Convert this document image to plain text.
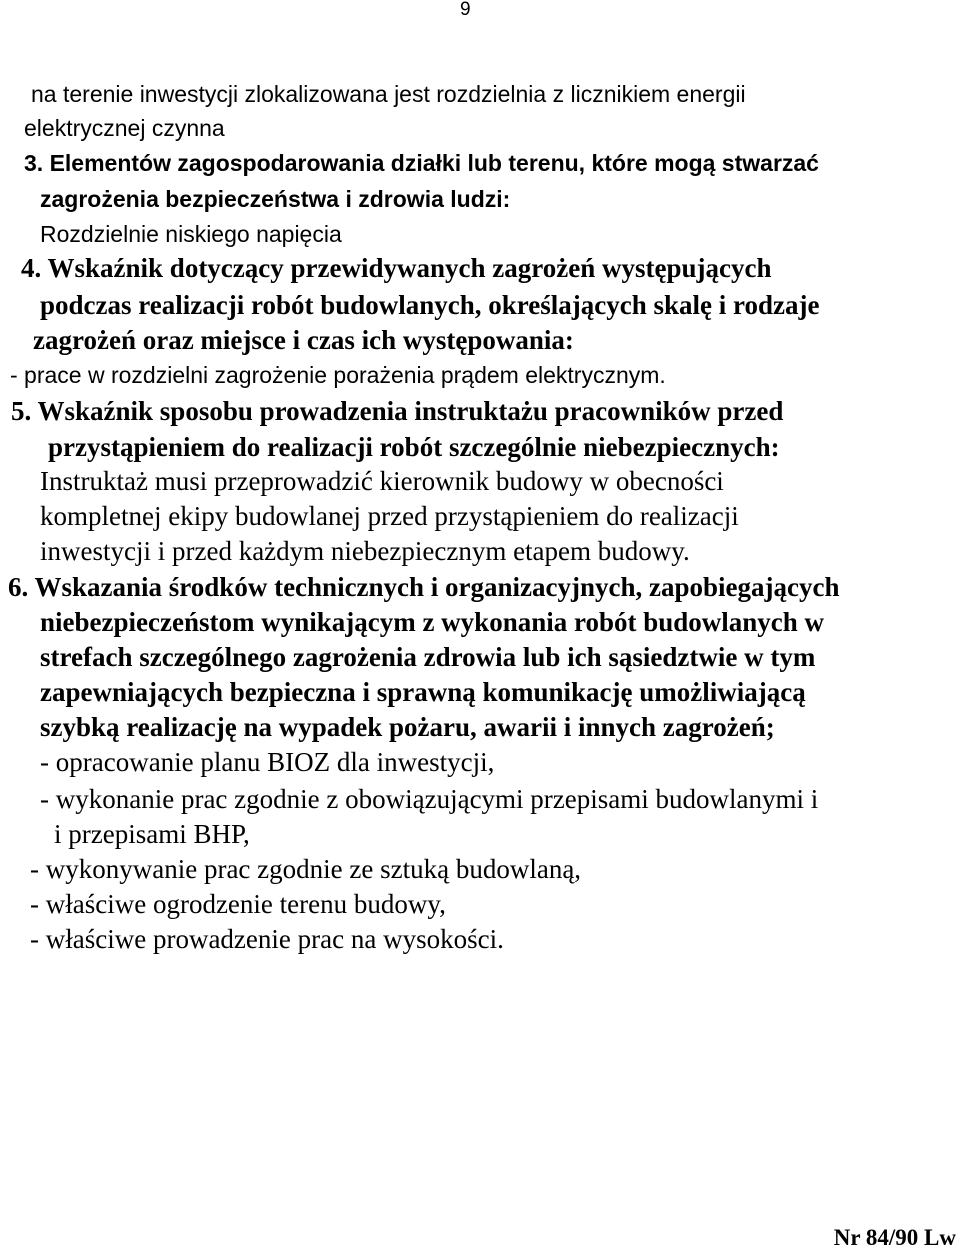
9

na terenie inwestycji zlokalizowana jest rozdzielnia z licznikiem energii

elektrycznej czynna

3. Elementów zagospodarowania działki lub terenu, które mogą stwarzać

zagrożenia bezpieczeństwa i zdrowia ludzi:

Rozdzielnie niskiego napięcia

4. Wskaźnik dotyczący przewidywanych zagrożeń występujących

podczas realizacji robót budowlanych, określających skalę i rodzaje

zagrożeń oraz miejsce i czas ich występowania:

- prace w rozdzielni zagrożenie porażenia prądem elektrycznym.

5. Wskaźnik sposobu prowadzenia instruktażu pracowników przed

przystąpieniem do realizacji robót szczególnie niebezpiecznych:

Instruktaż musi przeprowadzić kierownik budowy w obecności

kompletnej ekipy budowlanej przed przystąpieniem do realizacji

inwestycji i przed każdym niebezpiecznym etapem budowy.

6. Wskazania środków technicznych i organizacyjnych, zapobiegających

niebezpieczeństom wynikającym z wykonania robót budowlanych w

strefach szczególnego zagrożenia zdrowia lub ich sąsiedztwie w tym

zapewniających bezpieczna i sprawną komunikację umożliwiającą

szybką realizację na wypadek pożaru, awarii i innych zagrożeń;

- opracowanie planu BIOZ dla inwestycji,

- wykonanie prac zgodnie z obowiązującymi przepisami budowlanymi i

i przepisami BHP,

- wykonywanie prac zgodnie ze sztuką budowlaną,

- właściwe ogrodzenie terenu budowy,

- właściwe prowadzenie prac na wysokości.

Nr 84/90 Lw
